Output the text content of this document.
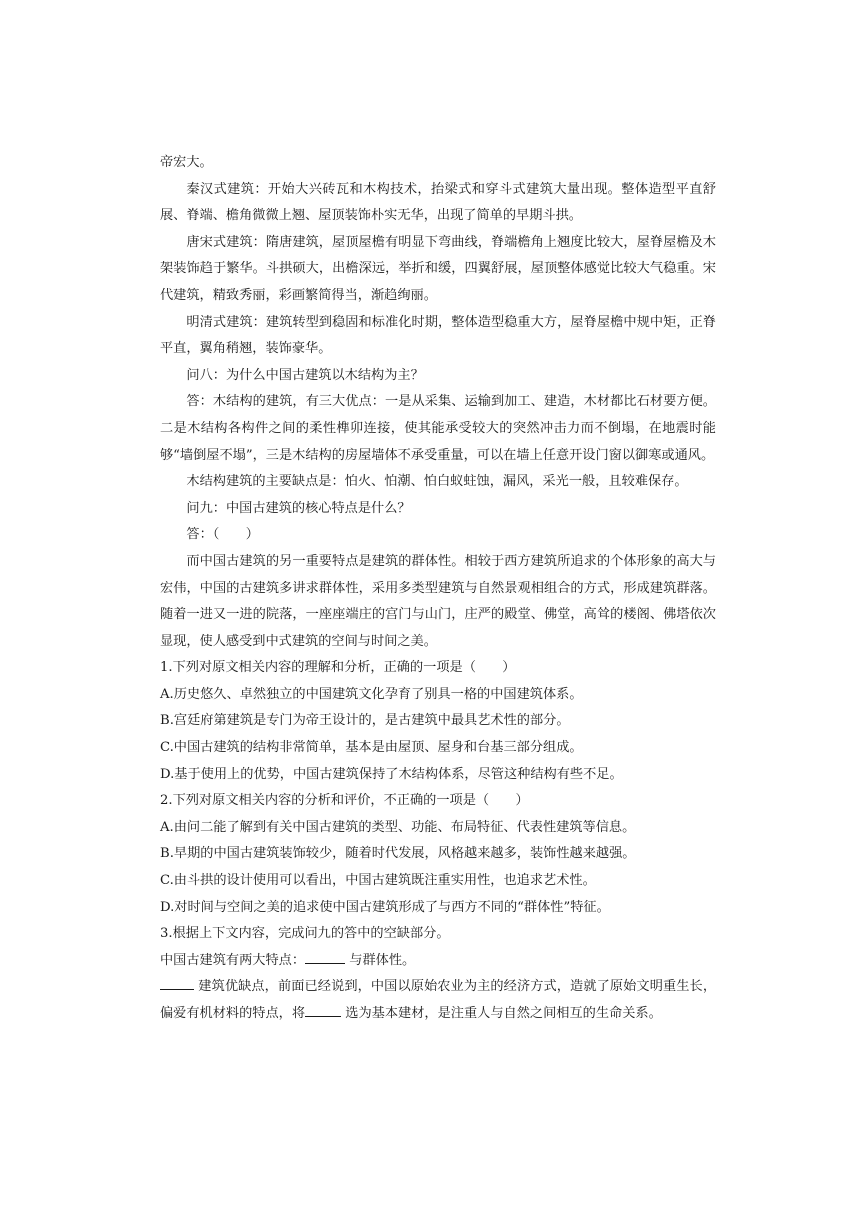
帝宏大。

秦汉式建筑：开始大兴砖瓦和木构技术，抬梁式和穿斗式建筑大量出现。整体造型平直舒展、脊端、檐角微微上翘、屋顶装饰朴实无华，出现了简单的早期斗拱。

唐宋式建筑：隋唐建筑，屋顶屋檐有明显下弯曲线，脊端檐角上翘度比较大，屋脊屋檐及木架装饰趋于繁华。斗拱硕大，出檐深远，举折和缓，四翼舒展，屋顶整体感觉比较大气稳重。宋代建筑，精致秀丽，彩画繁简得当，渐趋绚丽。

明清式建筑：建筑转型到稳固和标准化时期，整体造型稳重大方，屋脊屋檐中规中矩，正脊平直，翼角稍翘，装饰豪华。

问八：为什么中国古建筑以木结构为主？

答：木结构的建筑，有三大优点：一是从采集、运输到加工、建造，木材都比石材要方便。二是木结构各构件之间的柔性榫卯连接，使其能承受较大的突然冲击力而不倒塌，在地震时能够“墙倒屋不塌”，三是木结构的房屋墙体不承受重量，可以在墙上任意开设门窗以御寒或通风。

木结构建筑的主要缺点是：怕火、怕潮、怕白蚁蛀蚀，漏风，采光一般，且较难保存。

问九：中国古建筑的核心特点是什么？

答：（　　）

而中国古建筑的另一重要特点是建筑的群体性。相较于西方建筑所追求的个体形象的高大与宏伟，中国的古建筑多讲求群体性，采用多类型建筑与自然景观相组合的方式，形成建筑群落。随着一进又一进的院落，一座座端庄的宫门与山门，庄严的殿堂、佛堂，高耸的楼阁、佛塔依次显现，使人感受到中式建筑的空间与时间之美。

1.下列对原文相关内容的理解和分析，正确的一项是（　　）

A.历史悠久、卓然独立的中国建筑文化孕育了别具一格的中国建筑体系。

B.宫廷府第建筑是专门为帝王设计的，是古建筑中最具艺术性的部分。

C.中国古建筑的结构非常简单，基本是由屋顶、屋身和台基三部分组成。

D.基于使用上的优势，中国古建筑保持了木结构体系，尽管这种结构有些不足。

2.下列对原文相关内容的分析和评价，不正确的一项是（　　）

A.由问二能了解到有关中国古建筑的类型、功能、布局特征、代表性建筑等信息。

B.早期的中国古建筑装饰较少，随着时代发展，风格越来越多，装饰性越来越强。

C.由斗拱的设计使用可以看出，中国古建筑既注重实用性，也追求艺术性。

D.对时间与空间之美的追求使中国古建筑形成了与西方不同的“群体性”特征。

3.根据上下文内容，完成问九的答中的空缺部分。

中国古建筑有两大特点：	与群体性。

建筑优缺点，前面已经说到，中国以原始农业为主的经济方式，造就了原始文明重生长，偏爱有机材料的特点，将	选为基本建材，是注重人与自然之间相互的生命关系。
